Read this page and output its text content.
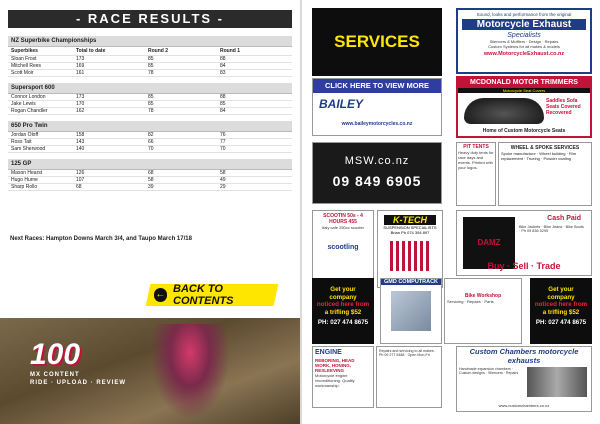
- RACE RESULTS -
NZ Superbike Championships
Superbikes	Total to date	Round 2	Round 1
Sloan Frost	173	85	88
Mitchell Rees	169	85	84
Scott Moir	161	78	83
Supersport 600
Connor London	173	85	88
Jake Lewis	170	85	85
Rogan Chandler	162	78	84
650 Pro Twin
Jordan Oloff	158	82	76
Ross Tait	143	66	77
Sam Sherwood	140	70	70
125 GP
Mason Hearst	126	68	58
Hugo Hurne	107	58	49
Sharp Rollo	68	39	29
Next Races: Hampton Downs March 3/4, and Taupo March 17/18
← BACK TO CONTENTS
100
MX CONTENT
RIDE · UPLOAD · REVIEW
SERVICES
Sound, looks and performance from the original
Motorcycle Exhaust
Specialists
Silencers & Mufflers · Design · Repairs
Custom Systems for all makes & models
www.MotorcycleExhaust.co.nz
CLICK HERE TO VIEW MORE
BAILEY
www.baileymotorcycles.co.nz
MCDONALD MOTOR TRIMMERS
Motorcycle Seat Covers
Saddles Sofa Seats Covered Recovered
Home of Custom Motorcycle Seats
MSW.co.nz
09 849 6905
PIT TENTS
Heavy duty tents for race days and events. Printed with your logos.
WHEEL & SPOKE SERVICES
Spoke manufacture · Wheel building · Rim replacement · Trueing · Powder coating
SCOOTIN 50s - 4 HOURS 455
Italy cafe 250cc scooter
scootling
K-TECH
SUSPENSION SPECIALISTS
Brian Ph 074 394 897
DAMZ
Cash Paid
Bike Jackets · Bike Jeans · Bike Boots · Ph 09 836 5295
Buy · Sell · Trade
Get your
company
noticed here from
a trifling $52
PH: 027 474 8675
GMD COMPUTRACK
Bike Workshop
Servicing · Repairs · Parts
Get your
company
noticed here from
a trifling $52
PH: 027 474 8675
ENGINE
REBORING, HEAD WORK, HONING, RESLEEVING
Motorcycle engine reconditioning. Quality workmanship.
Repairs and servicing to all makes. Ph 09 277 5488 · Open Mon-Fri	Custom Chambers motorcycle exhausts
Handmade expansion chambers · Custom designs · Silencers · Repairs
www.customchambers.co.nz
